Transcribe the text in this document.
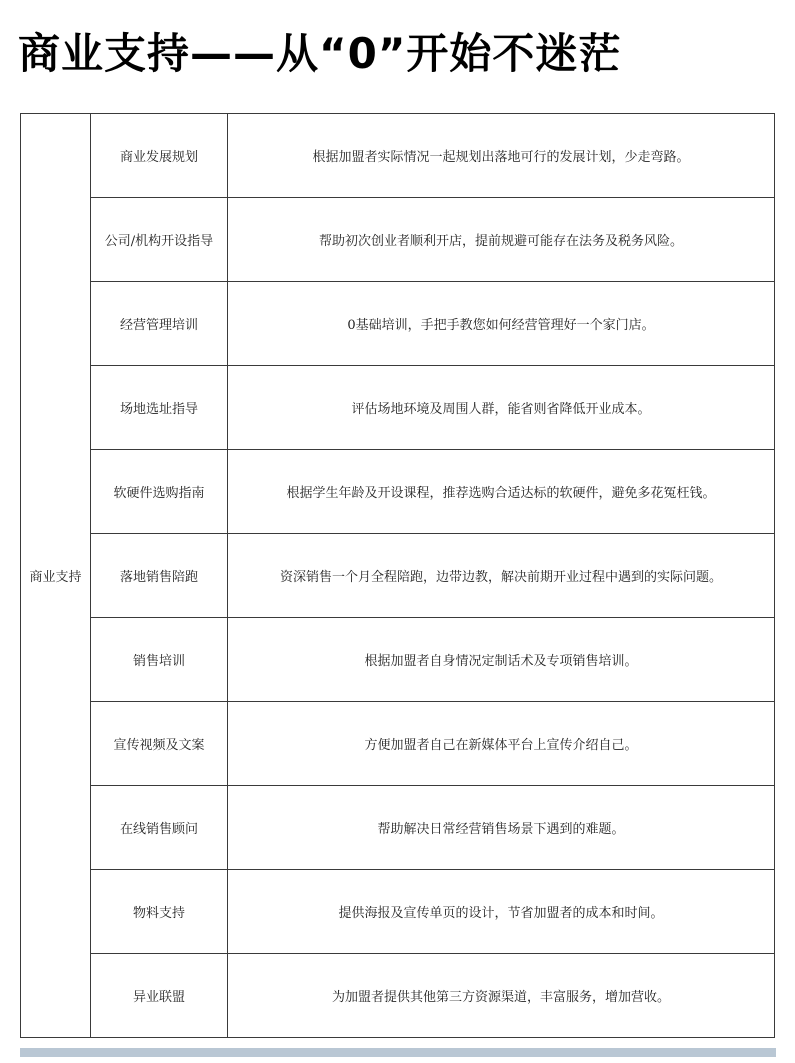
商业支持——从“0”开始不迷茫
商业支持	商业发展规划	根据加盟者实际情况一起规划出落地可行的发展计划，少走弯路。
	公司/机构开设指导	帮助初次创业者顺利开店，提前规避可能存在法务及税务风险。
	经营管理培训	0基础培训，手把手教您如何经营管理好一个家门店。
	场地选址指导	评估场地环境及周围人群，能省则省降低开业成本。
	软硬件选购指南	根据学生年龄及开设课程，推荐选购合适达标的软硬件，避免多花冤枉钱。
	落地销售陪跑	资深销售一个月全程陪跑，边带边教，解决前期开业过程中遇到的实际问题。
	销售培训	根据加盟者自身情况定制话术及专项销售培训。
	宣传视频及文案	方便加盟者自己在新媒体平台上宣传介绍自己。
	在线销售顾问	帮助解决日常经营销售场景下遇到的难题。
	物料支持	提供海报及宣传单页的设计，节省加盟者的成本和时间。
	异业联盟	为加盟者提供其他第三方资源渠道，丰富服务，增加营收。
